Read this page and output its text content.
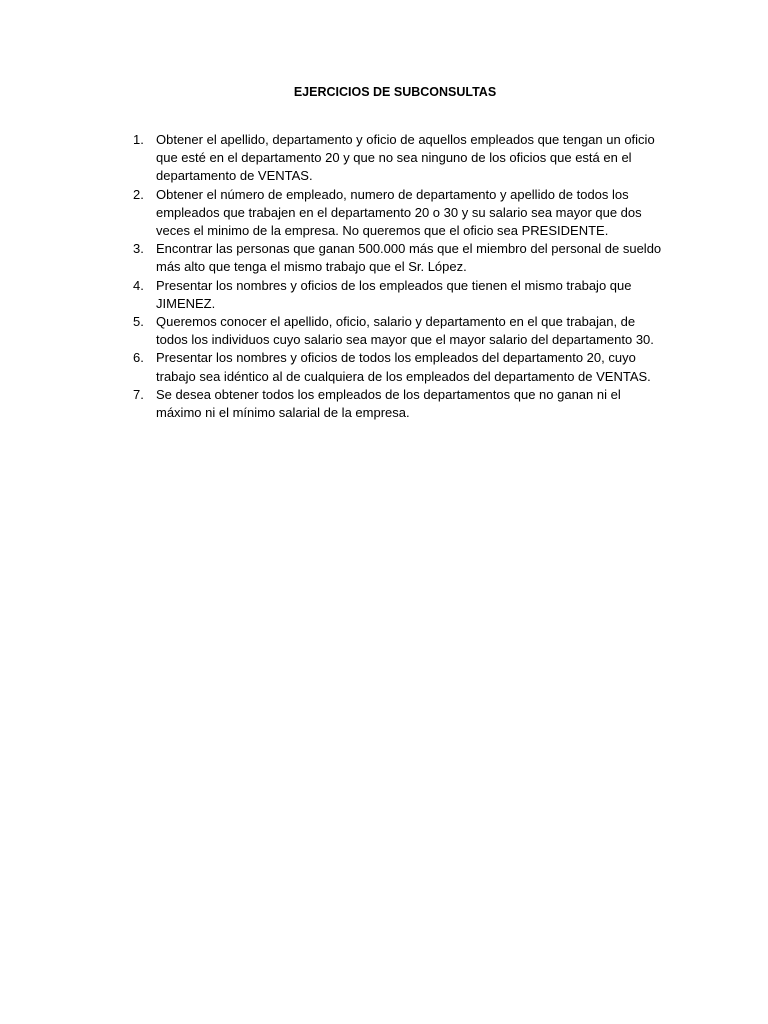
EJERCICIOS DE SUBCONSULTAS
1. Obtener el apellido, departamento y oficio de aquellos empleados que tengan un oficio que esté en el departamento 20 y que no sea ninguno de los oficios que está en el departamento de VENTAS.
2. Obtener el número de empleado, numero de departamento y apellido de todos los empleados que trabajen en el departamento 20 o 30 y su salario sea mayor que dos veces el minimo de la empresa. No queremos que el oficio sea PRESIDENTE.
3. Encontrar las personas que ganan 500.000 más que el miembro del personal de sueldo más alto que tenga el mismo trabajo que el Sr. López.
4. Presentar los nombres y oficios de los empleados que tienen el mismo trabajo que JIMENEZ.
5. Queremos conocer el apellido, oficio, salario y departamento en el que trabajan, de todos los individuos cuyo salario sea mayor que el mayor salario del departamento 30.
6. Presentar los nombres y oficios de todos los empleados del departamento 20, cuyo trabajo sea idéntico al de cualquiera de los empleados del departamento de VENTAS.
7. Se desea obtener todos los empleados de los departamentos que no ganan ni el máximo ni el mínimo salarial de la empresa.
